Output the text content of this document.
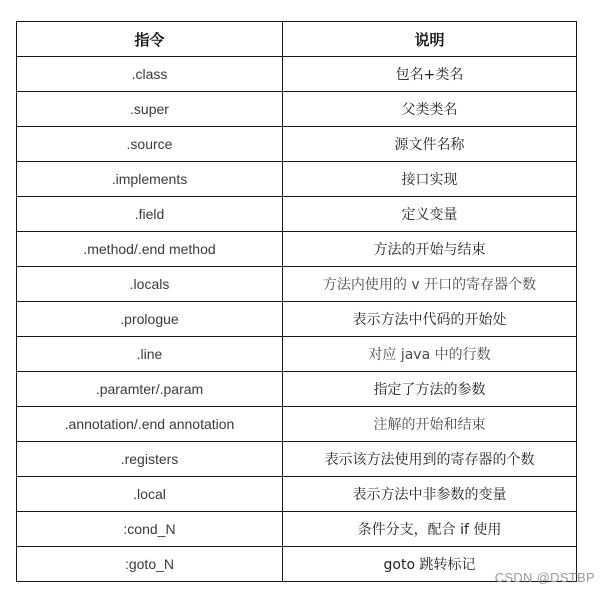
指令	说明
.class	包名+类名
.super	父类类名
.source	源文件名称
.implements	接口实现
.field	定义变量
.method/.end method	方法的开始与结束
.locals	方法内使用的 v 开口的寄存器个数
.prologue	表示方法中代码的开始处
.line	对应 java 中的行数
.paramter/.param	指定了方法的参数
.annotation/.end annotation	注解的开始和结束
.registers	表示该方法使用到的寄存器的个数
.local	表示方法中非参数的变量
:cond_N	条件分支，配合 if 使用
:goto_N	goto 跳转标记
CSDN @DSTBP
